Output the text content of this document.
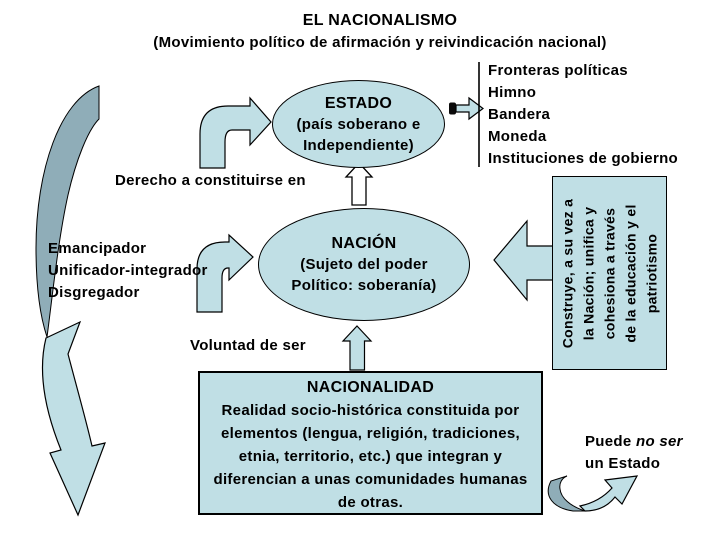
EL NACIONALISMO
(Movimiento político de afirmación y reivindicación nacional)
ESTADO
(país soberano e
Independiente)
Fronteras políticas
Himno
Bandera
Moneda
Instituciones de gobierno
Derecho a constituirse en
Emancipador
Unificador-integrador
Disgregador
Voluntad de ser
NACIÓN
(Sujeto del poder
Político: soberanía)
NACIONALIDAD
Realidad socio-histórica constituida por
elementos (lengua, religión, tradiciones,
etnia, territorio, etc.) que integran y
diferencian a unas comunidades humanas
de otras.
Construye, a su vez a la Nación; unifica y cohesiona a través de la educación y el patriotismo
Puede no ser
un Estado
